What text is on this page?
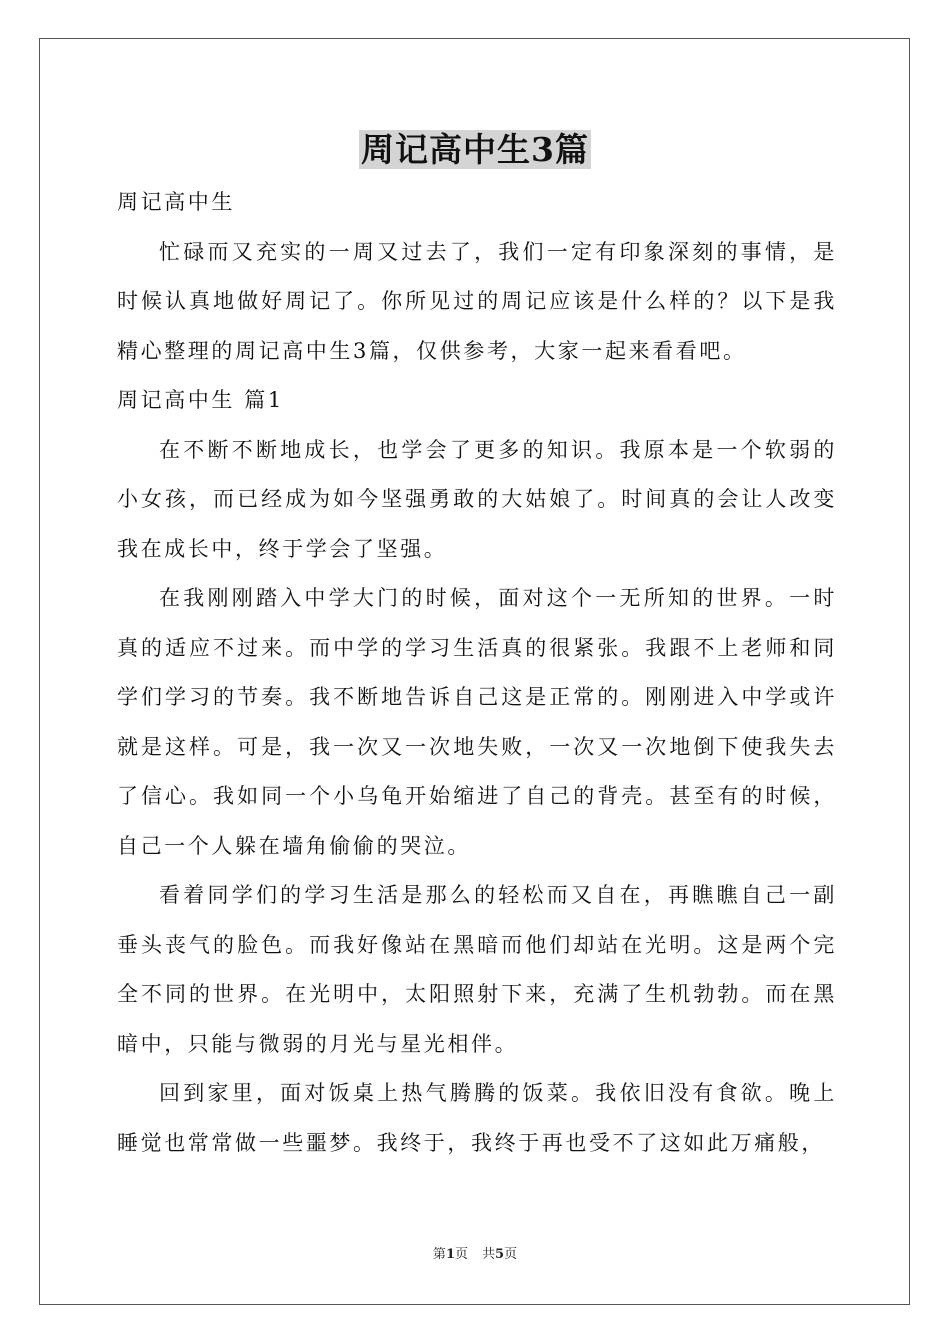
周记高中生3篇

周记高中生

忙碌而又充实的一周又过去了，我们一定有印象深刻的事情，是时候认真地做好周记了。你所见过的周记应该是什么样的？以下是我精心整理的周记高中生3篇，仅供参考，大家一起来看看吧。

周记高中生 篇1

在不断不断地成长，也学会了更多的知识。我原本是一个软弱的小女孩，而已经成为如今坚强勇敢的大姑娘了。时间真的会让人改变我在成长中，终于学会了坚强。

在我刚刚踏入中学大门的时候，面对这个一无所知的世界。一时真的适应不过来。而中学的学习生活真的很紧张。我跟不上老师和同学们学习的节奏。我不断地告诉自己这是正常的。刚刚进入中学或许就是这样。可是，我一次又一次地失败，一次又一次地倒下使我失去了信心。我如同一个小乌龟开始缩进了自己的背壳。甚至有的时候，自己一个人躲在墙角偷偷的哭泣。

看着同学们的学习生活是那么的轻松而又自在，再瞧瞧自己一副垂头丧气的脸色。而我好像站在黑暗而他们却站在光明。这是两个完全不同的世界。在光明中，太阳照射下来，充满了生机勃勃。而在黑暗中，只能与微弱的月光与星光相伴。

回到家里，面对饭桌上热气腾腾的饭菜。我依旧没有食欲。晚上睡觉也常常做一些噩梦。我终于，我终于再也受不了这如此万痛般，

第1页 共5页
